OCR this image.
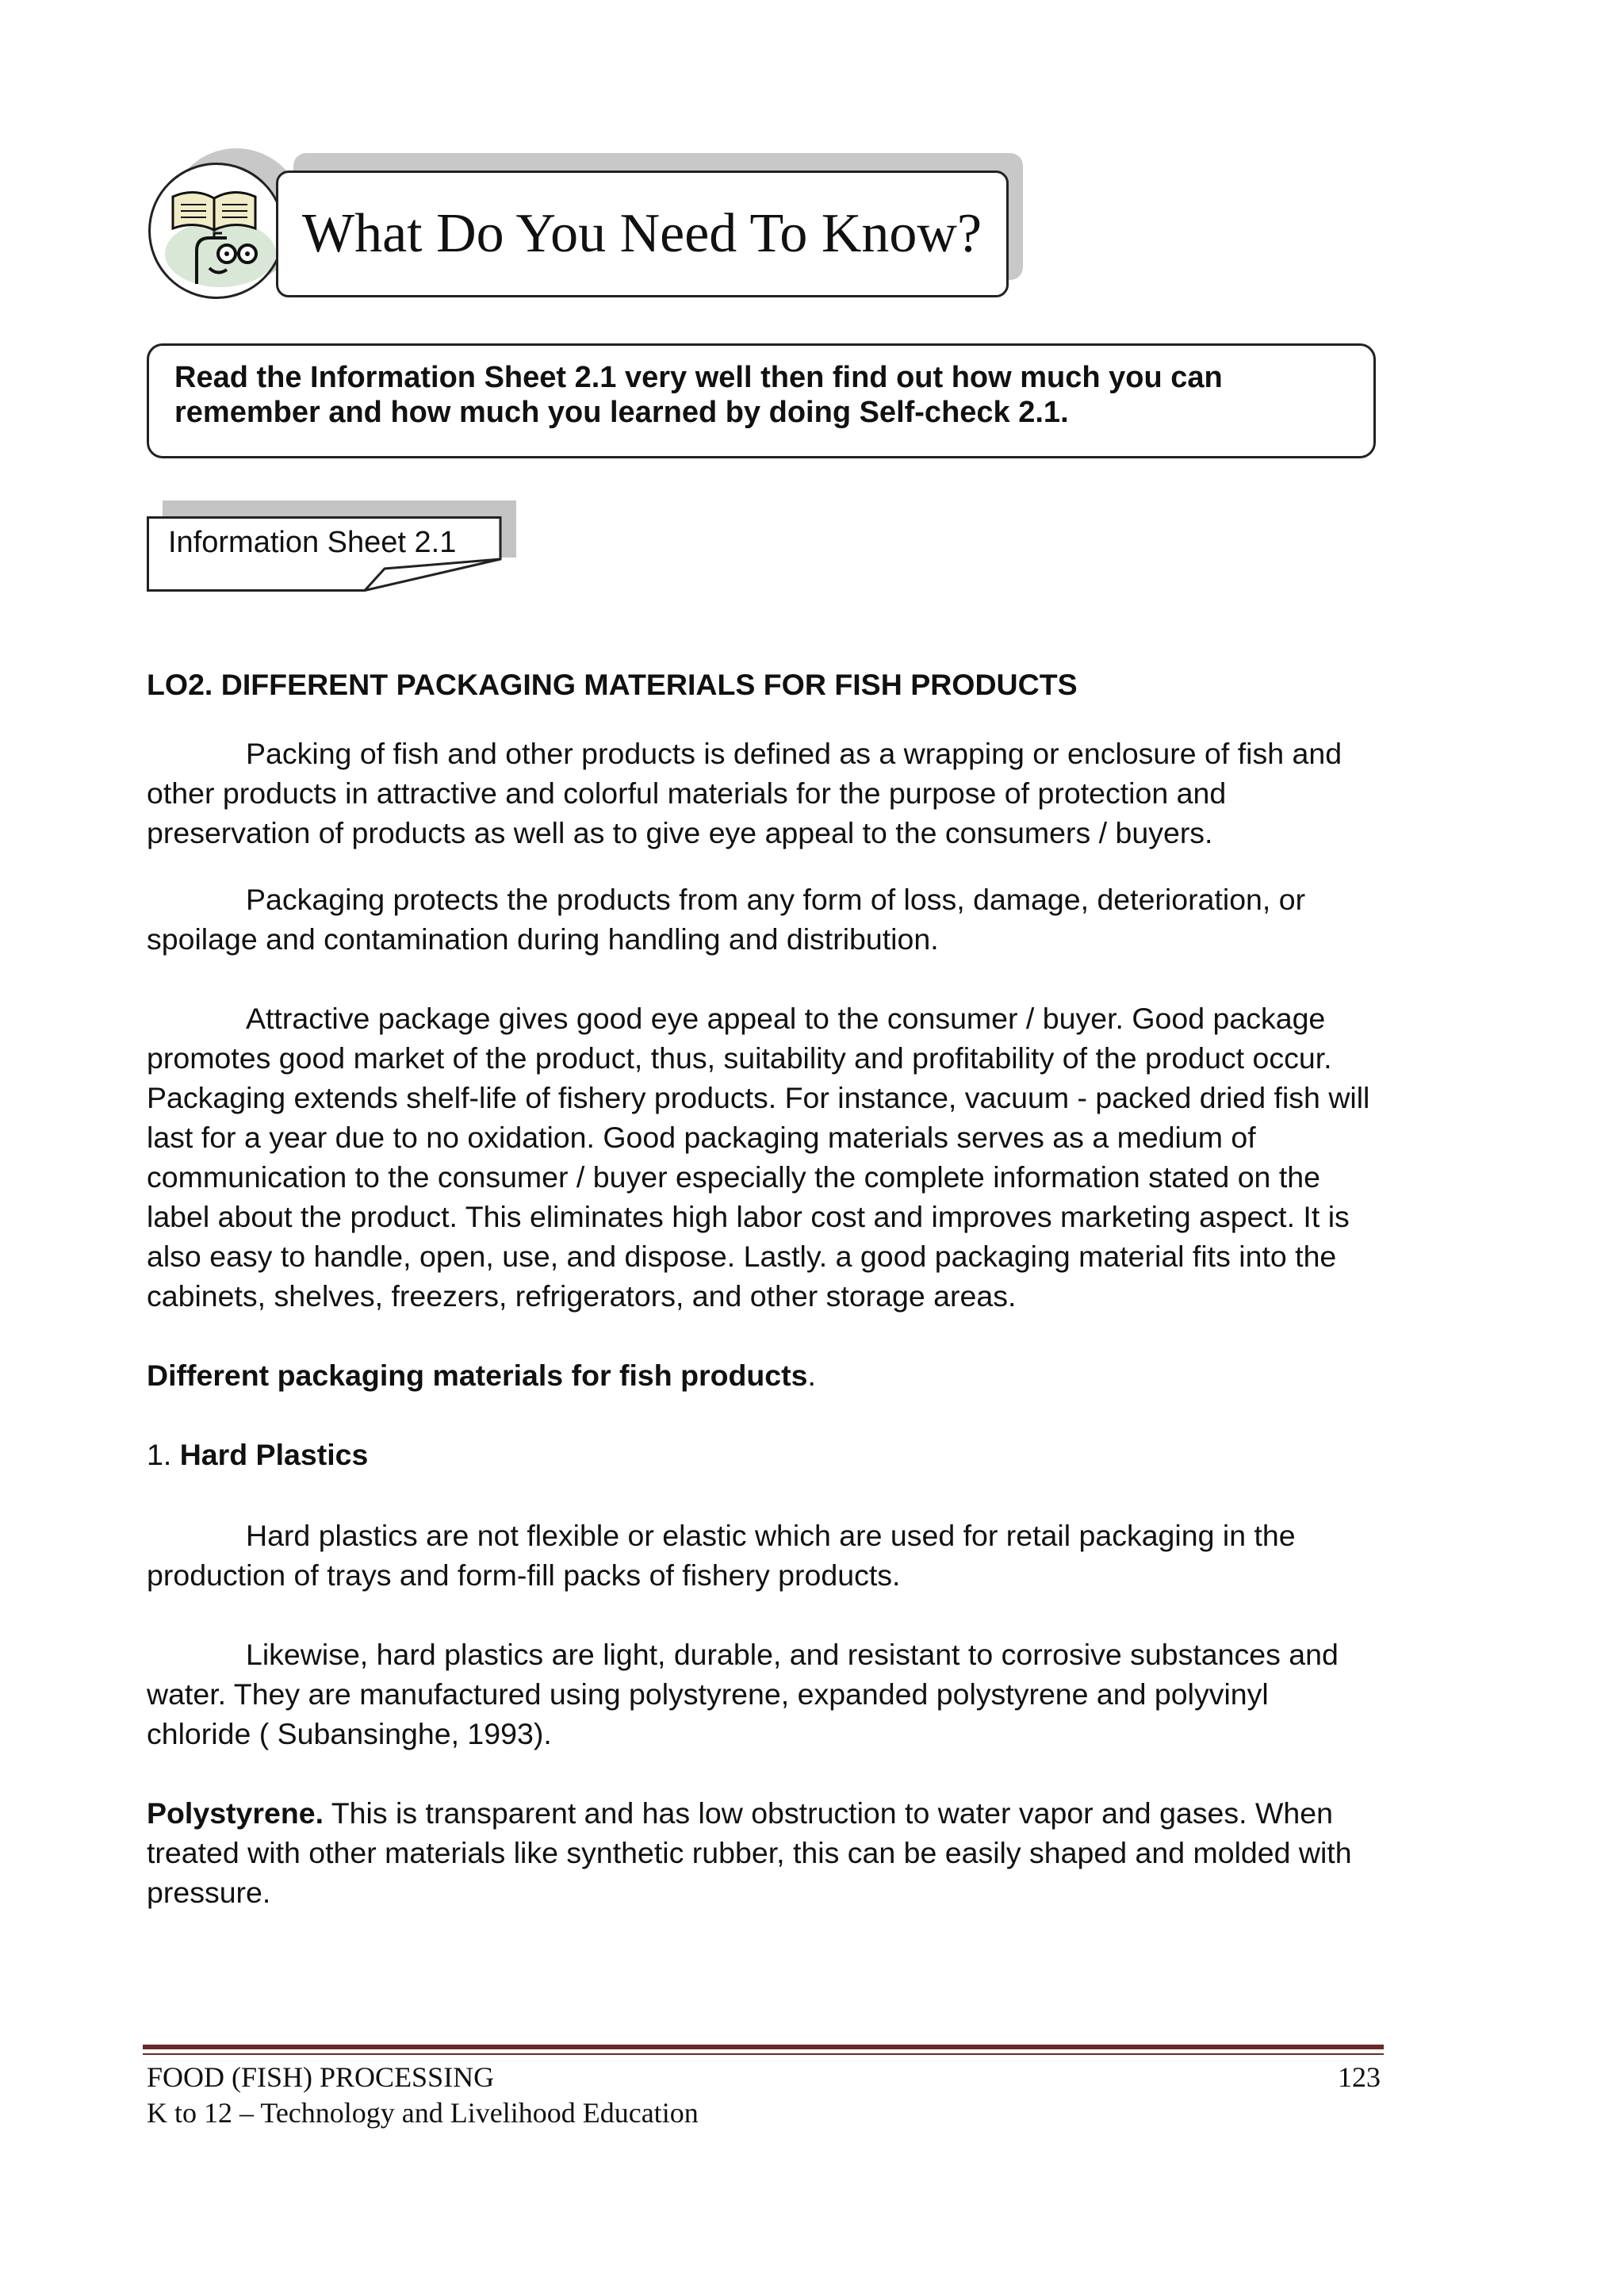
What Do You Need To Know?
Read the Information Sheet 2.1 very well then find out how much you can
remember and how much you learned by doing Self-check 2.1.
Information Sheet 2.1
LO2. DIFFERENT PACKAGING MATERIALS FOR FISH PRODUCTS
Packing of fish and other products is defined as a wrapping or enclosure of fish and other products in attractive and colorful materials for the purpose of protection and preservation of products as well as to give eye appeal to the consumers / buyers.
Packaging protects the products from any form of loss, damage, deterioration, or spoilage and contamination during handling and distribution.
Attractive package gives good eye appeal to the consumer / buyer. Good package promotes good market of the product, thus, suitability and profitability of the product occur. Packaging extends shelf-life of fishery products. For instance, vacuum - packed dried fish will last for a year due to no oxidation. Good packaging materials serves as a medium of communication to the consumer / buyer especially the complete information stated on the label about the product. This eliminates high labor cost and improves marketing aspect. It is also easy to handle, open, use, and dispose. Lastly. a good packaging material fits into the cabinets, shelves, freezers, refrigerators, and other storage areas.
Different packaging materials for fish products.
1. Hard Plastics
Hard plastics are not flexible or elastic which are used for retail packaging in the production of trays and form-fill packs of fishery products.
Likewise, hard plastics are light, durable, and resistant to corrosive substances and water. They are manufactured using polystyrene, expanded polystyrene and polyvinyl chloride ( Subansinghe, 1993).
Polystyrene. This is transparent and has low obstruction to water vapor and gases. When treated with other materials like synthetic rubber, this can be easily shaped and molded with pressure.
FOOD (FISH) PROCESSING
K to 12 – Technology and Livelihood Education
123
